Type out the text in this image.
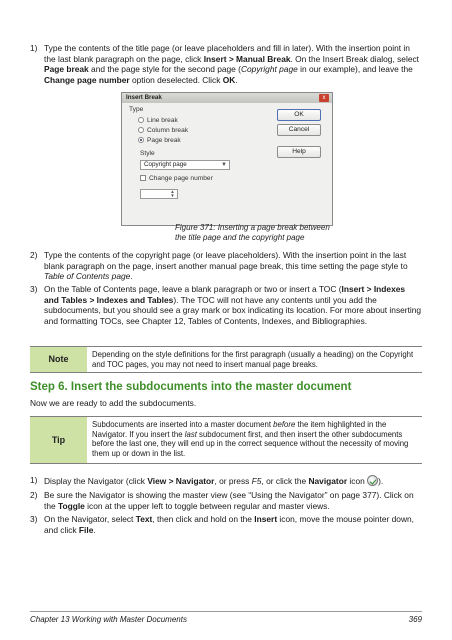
1) Type the contents of the title page (or leave placeholders and fill in later). With the insertion point in the last blank paragraph on the page, click Insert > Manual Break. On the Insert Break dialog, select Page break and the page style for the second page (Copyright page in our example), and leave the Change page number option deselected. Click OK.
Insert Break	x
Type
Line break
Column break
Page break
Style
Copyright page	▼
Change page number
▲
▼
OK
Cancel
Help
Figure 371: Inserting a page break between the title page and the copyright page
2) Type the contents of the copyright page (or leave placeholders). With the insertion point in the last blank paragraph on the page, insert another manual page break, this time setting the page style to Table of Contents page.
3) On the Table of Contents page, leave a blank paragraph or two or insert a TOC (Insert > Indexes and Tables > Indexes and Tables). The TOC will not have any contents until you add the subdocuments, but you should see a gray mark or box indicating its location. For more about inserting and formatting TOCs, see Chapter 12, Tables of Contents, Indexes, and Bibliographies.
Note	Depending on the style definitions for the first paragraph (usually a heading) on the Copyright and TOC pages, you may not need to insert manual page breaks.
Step 6. Insert the subdocuments into the master document
Now we are ready to add the subdocuments.
Tip
Subdocuments are inserted into a master document before the item highlighted in the Navigator. If you insert the last subdocument first, and then insert the other subdocuments before the last one, they will end up in the correct sequence without the necessity of moving them up or down in the list.
1) Display the Navigator (click View > Navigator, or press F5, or click the Navigator icon ).
2) Be sure the Navigator is showing the master view (see “Using the Navigator” on page 377). Click on the Toggle icon at the upper left to toggle between regular and master views.
3) On the Navigator, select Text, then click and hold on the Insert icon, move the mouse pointer down, and click File.
Chapter 13 Working with Master Documents	369
